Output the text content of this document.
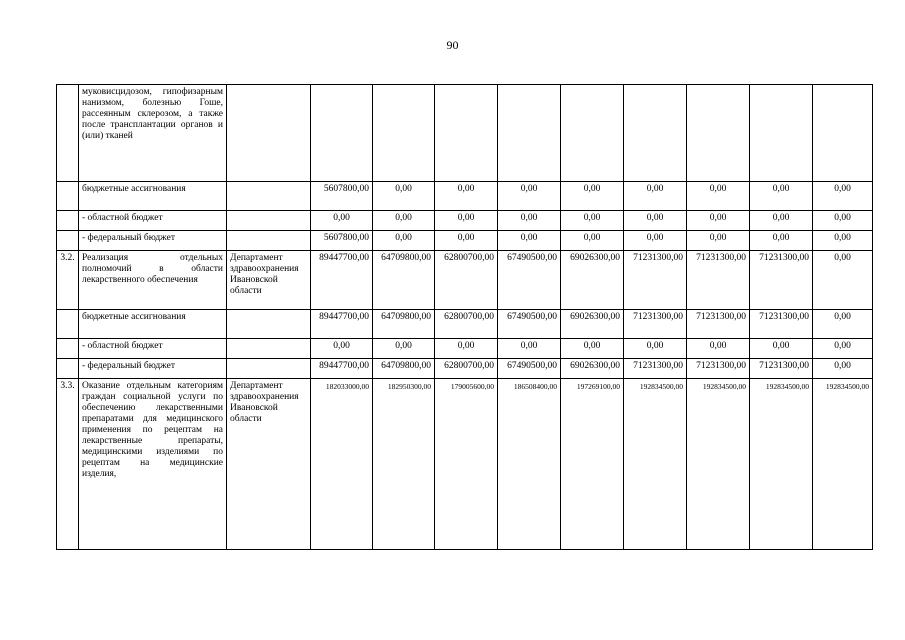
90
	муковисцидозом, гипофизарным нанизмом, болезнью Гоше, рассеянным склерозом, а также после трансплантации органов и (или) тканей										
	бюджетные ассигнования		5607800,00	0,00	0,00	0,00	0,00	0,00	0,00	0,00	0,00
	- областной бюджет		0,00	0,00	0,00	0,00	0,00	0,00	0,00	0,00	0,00
	- федеральный бюджет		5607800,00	0,00	0,00	0,00	0,00	0,00	0,00	0,00	0,00
3.2.	Реализация отдельных полномочий в области лекарственного обеспечения	Департамент здравоохранения Ивановской области	89447700,00	64709800,00	62800700,00	67490500,00	69026300,00	71231300,00	71231300,00	71231300,00	0,00
	бюджетные ассигнования		89447700,00	64709800,00	62800700,00	67490500,00	69026300,00	71231300,00	71231300,00	71231300,00	0,00
	- областной бюджет		0,00	0,00	0,00	0,00	0,00	0,00	0,00	0,00	0,00
	- федеральный бюджет		89447700,00	64709800,00	62800700,00	67490500,00	69026300,00	71231300,00	71231300,00	71231300,00	0,00
3.3.	Оказание отдельным категориям граждан социальной услуги по обеспечению лекарственными препаратами для медицинского применения по рецептам на лекарственные препараты, медицинскими изделиями по рецептам на медицинские изделия,	Департамент здравоохранения Ивановской области	182033000,00	182950300,00	179005600,00	186508400,00	197269100,00	192834500,00	192834500,00	192834500,00	192834500,00
